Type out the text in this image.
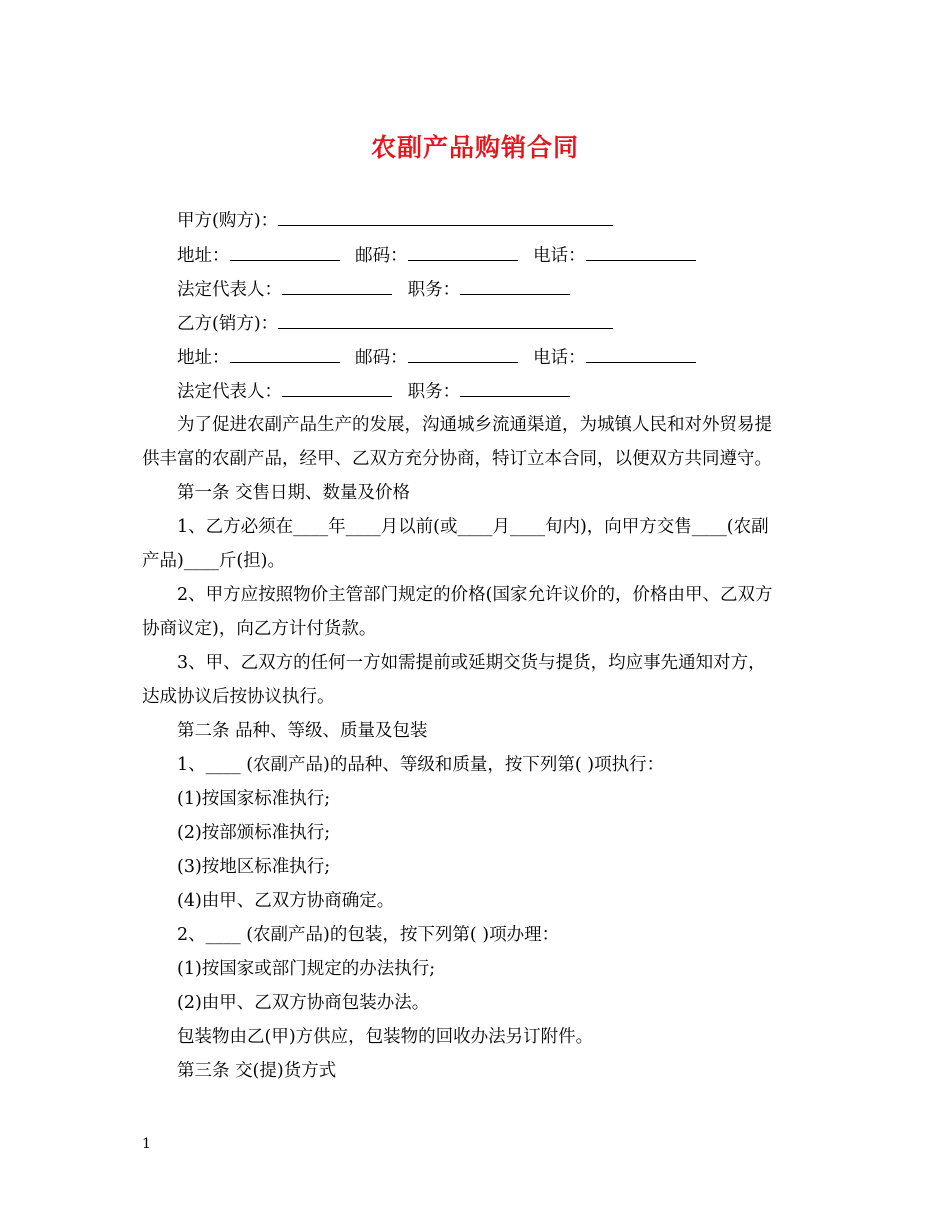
农副产品购销合同
甲方(购方)：
地址：	邮码：	电话：
法定代表人：	职务：
乙方(销方)：
地址：	邮码：	电话：
法定代表人：	职务：
为了促进农副产品生产的发展，沟通城乡流通渠道，为城镇人民和对外贸易提
供丰富的农副产品，经甲、乙双方充分协商，特订立本合同，以便双方共同遵守。
第一条 交售日期、数量及价格
1、乙方必须在____年____月以前(或____月____旬内)，向甲方交售____(农副
产品)____斤(担)。
2、甲方应按照物价主管部门规定的价格(国家允许议价的，价格由甲、乙双方
协商议定)，向乙方计付货款。
3、甲、乙双方的任何一方如需提前或延期交货与提货，均应事先通知对方，
达成协议后按协议执行。
第二条 品种、等级、质量及包装
1、____ (农副产品)的品种、等级和质量，按下列第( )项执行：
(1)按国家标准执行;
(2)按部颁标准执行;
(3)按地区标准执行;
(4)由甲、乙双方协商确定。
2、____ (农副产品)的包装，按下列第( )项办理：
(1)按国家或部门规定的办法执行;
(2)由甲、乙双方协商包装办法。
包装物由乙(甲)方供应，包装物的回收办法另订附件。
第三条 交(提)货方式
1
